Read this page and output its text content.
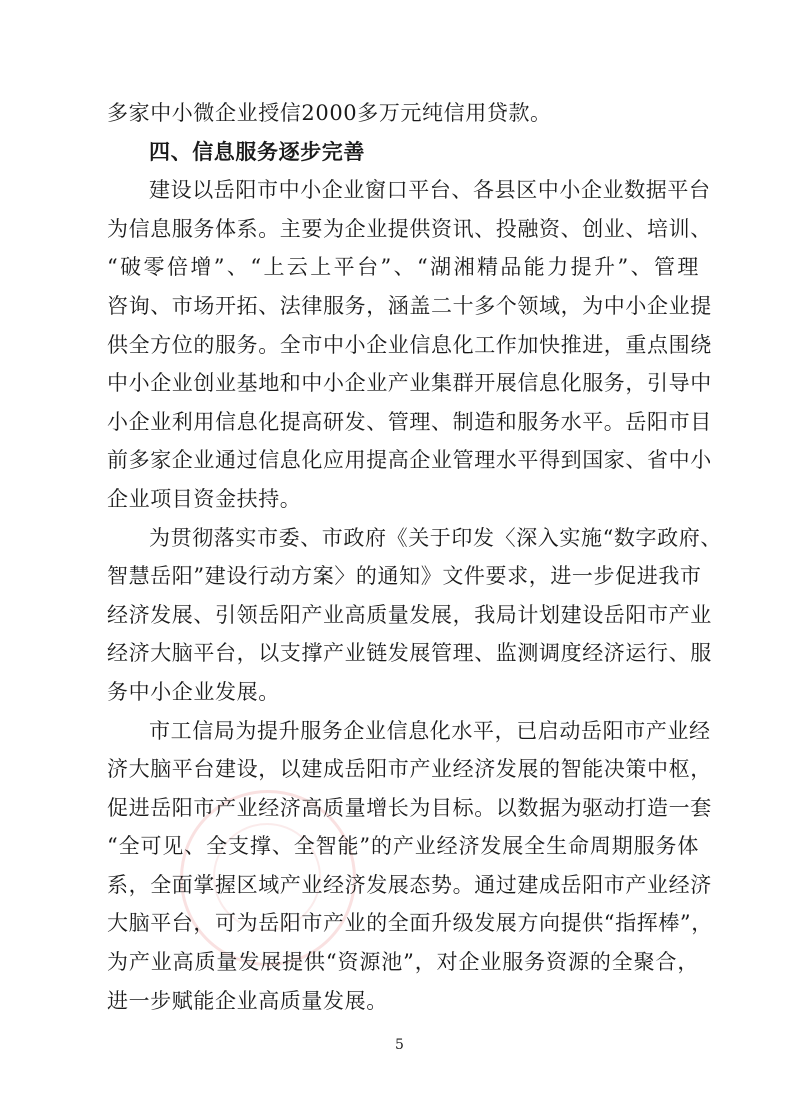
多家中小微企业授信2000多万元纯信用贷款。
四、信息服务逐步完善
建设以岳阳市中小企业窗口平台、各县区中小企业数据平台
为信息服务体系。主要为企业提供资讯、投融资、创业、培训、
“破零倍增”、“上云上平台”、“湖湘精品能力提升”、管理
咨询、市场开拓、法律服务，涵盖二十多个领域，为中小企业提
供全方位的服务。全市中小企业信息化工作加快推进，重点围绕
中小企业创业基地和中小企业产业集群开展信息化服务，引导中
小企业利用信息化提高研发、管理、制造和服务水平。岳阳市目
前多家企业通过信息化应用提高企业管理水平得到国家、省中小
企业项目资金扶持。
为贯彻落实市委、市政府《关于印发〈深入实施“数字政府、
智慧岳阳”建设行动方案〉的通知》文件要求，进一步促进我市
经济发展、引领岳阳产业高质量发展，我局计划建设岳阳市产业
经济大脑平台，以支撑产业链发展管理、监测调度经济运行、服
务中小企业发展。
市工信局为提升服务企业信息化水平，已启动岳阳市产业经
济大脑平台建设，以建成岳阳市产业经济发展的智能决策中枢，
促进岳阳市产业经济高质量增长为目标。以数据为驱动打造一套
“全可见、全支撑、全智能”的产业经济发展全生命周期服务体
系，全面掌握区域产业经济发展态势。通过建成岳阳市产业经济
大脑平台，可为岳阳市产业的全面升级发展方向提供“指挥棒”，
为产业高质量发展提供“资源池”，对企业服务资源的全聚合，
进一步赋能企业高质量发展。
5
